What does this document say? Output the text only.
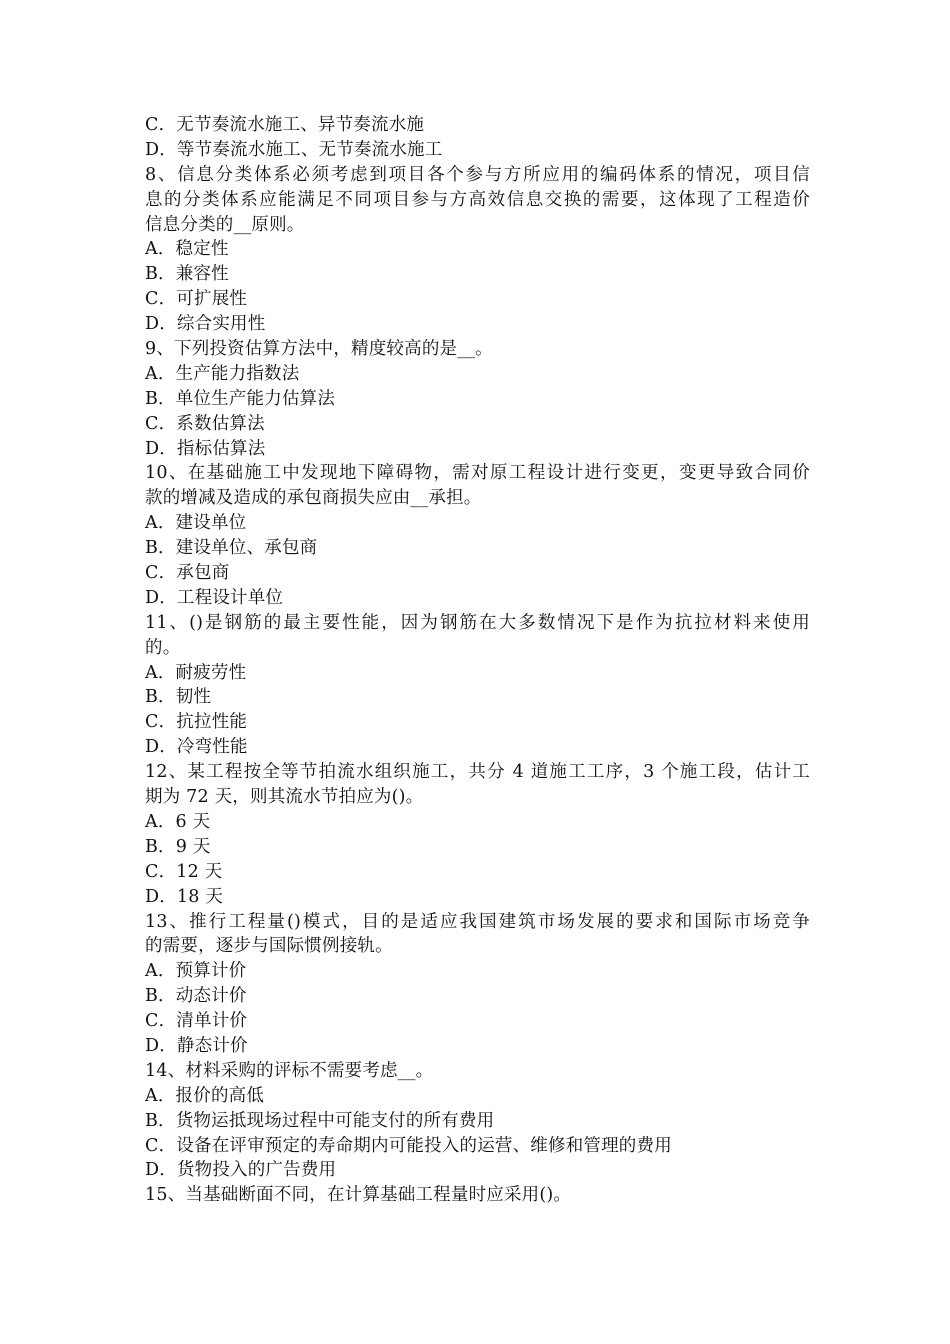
C．无节奏流水施工、异节奏流水施
D．等节奏流水施工、无节奏流水施工
8、信息分类体系必须考虑到项目各个参与方所应用的编码体系的情况，项目信
息的分类体系应能满足不同项目参与方高效信息交换的需要，这体现了工程造价
信息分类的__原则。
A．稳定性
B．兼容性
C．可扩展性
D．综合实用性
9、下列投资估算方法中，精度较高的是__。
A．生产能力指数法
B．单位生产能力估算法
C．系数估算法
D．指标估算法
10、在基础施工中发现地下障碍物，需对原工程设计进行变更，变更导致合同价
款的增减及造成的承包商损失应由__承担。
A．建设单位
B．建设单位、承包商
C．承包商
D．工程设计单位
11、()是钢筋的最主要性能，因为钢筋在大多数情况下是作为抗拉材料来使用
的。
A．耐疲劳性
B．韧性
C．抗拉性能
D．冷弯性能
12、某工程按全等节拍流水组织施工，共分 4 道施工工序，3 个施工段，估计工
期为 72 天，则其流水节拍应为()。
A．6 天
B．9 天
C．12 天
D．18 天
13、推行工程量()模式，目的是适应我国建筑市场发展的要求和国际市场竞争
的需要，逐步与国际惯例接轨。
A．预算计价
B．动态计价
C．清单计价
D．静态计价
14、材料采购的评标不需要考虑__。
A．报价的高低
B．货物运抵现场过程中可能支付的所有费用
C．设备在评审预定的寿命期内可能投入的运营、维修和管理的费用
D．货物投入的广告费用
15、当基础断面不同，在计算基础工程量时应采用()。
